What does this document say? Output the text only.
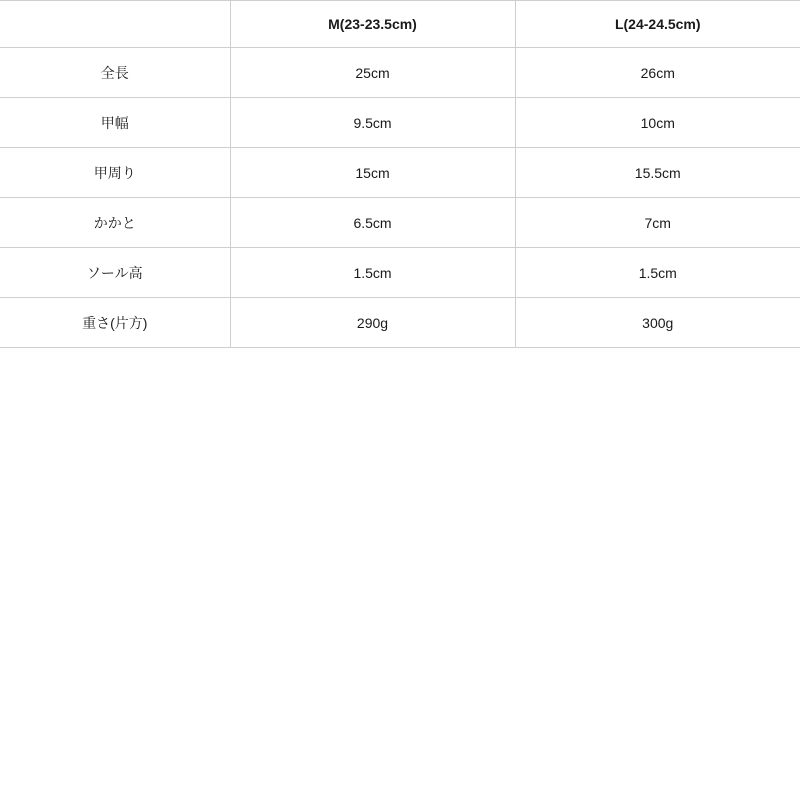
	M(23-23.5cm)	L(24-24.5cm)
全長	25cm	26cm
甲幅	9.5cm	10cm
甲周り	15cm	15.5cm
かかと	6.5cm	7cm
ソール高	1.5cm	1.5cm
重さ(片方)	290g	300g
